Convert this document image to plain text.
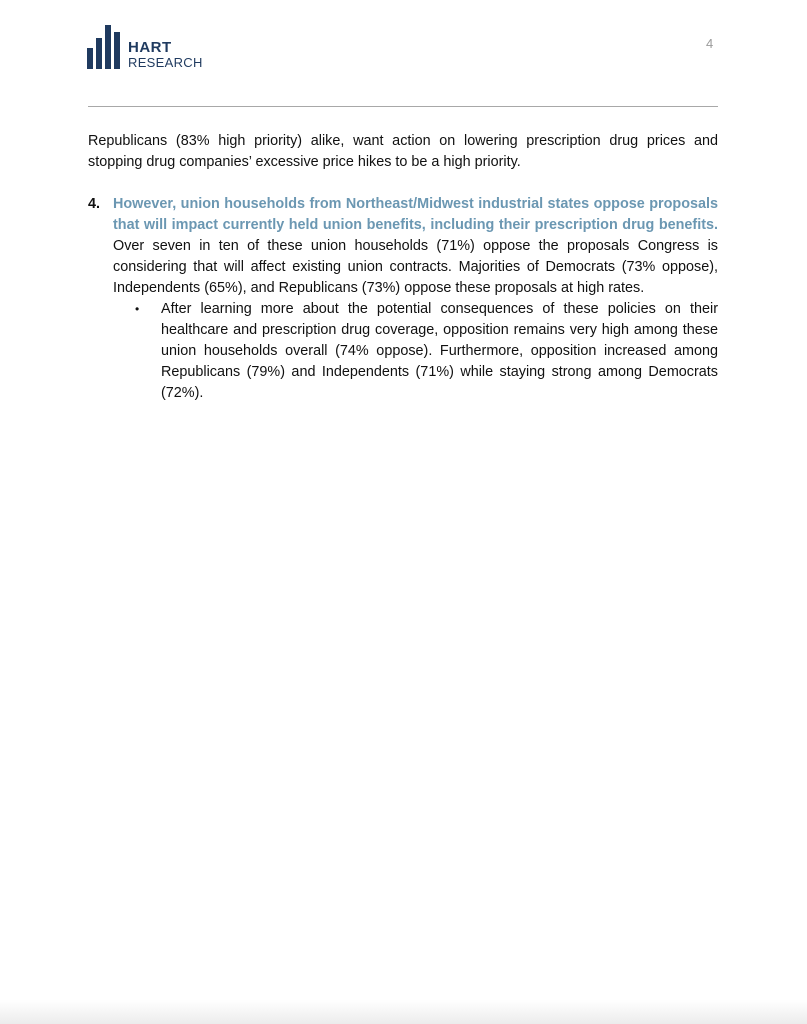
HART
RESEARCH
4

Republicans (83% high priority) alike, want action on lowering prescription drug prices and stopping drug companies’ excessive price hikes to be a high priority.

4. However, union households from Northeast/Midwest industrial states oppose proposals that will impact currently held union benefits, including their prescription drug benefits. Over seven in ten of these union households (71%) oppose the proposals Congress is considering that will affect existing union contracts. Majorities of Democrats (73% oppose), Independents (65%), and Republicans (73%) oppose these proposals at high rates.
•	After learning more about the potential consequences of these policies on their healthcare and prescription drug coverage, opposition remains very high among these union households overall (74% oppose). Furthermore, opposition increased among Republicans (79%) and Independents (71%) while staying strong among Democrats (72%).
